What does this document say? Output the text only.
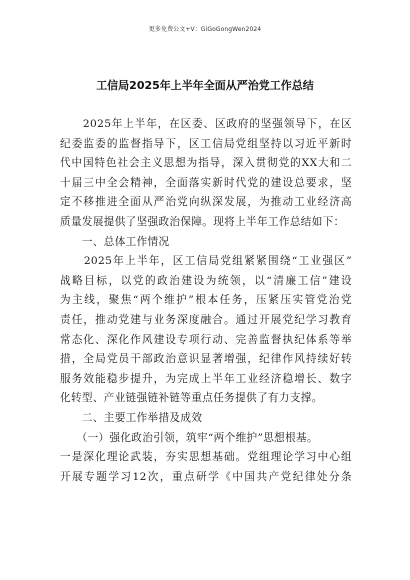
更多免费公文+V：GiGoGongWen2024
工信局2025年上半年全面从严治党工作总结
　　2025年上半年，在区委、区政府的坚强领导下，在区
纪委监委的监督指导下，区工信局党组坚持以习近平新时
代中国特色社会主义思想为指导，深入贯彻党的XX大和二
十届三中全会精神，全面落实新时代党的建设总要求，坚
定不移推进全面从严治党向纵深发展，为推动工业经济高
质量发展提供了坚强政治保障。现将上半年工作总结如下：
　　一、总体工作情况
　　2025年上半年，区工信局党组紧紧围绕“工业强区”
战略目标，以党的政治建设为统领，以“清廉工信”建设
为主线，聚焦“两个维护”根本任务，压紧压实管党治党
责任，推动党建与业务深度融合。通过开展党纪学习教育
常态化、深化作风建设专项行动、完善监督执纪体系等举
措，全局党员干部政治意识显著增强，纪律作风持续好转
服务效能稳步提升，为完成上半年工业经济稳增长、数字
化转型、产业链强链补链等重点任务提供了有力支撑。
　　二、主要工作举措及成效
　　（一）强化政治引领，筑牢“两个维护”思想根基。
一是深化理论武装，夯实思想基础。党组理论学习中心组
开展专题学习12次，重点研学《中国共产党纪律处分条
